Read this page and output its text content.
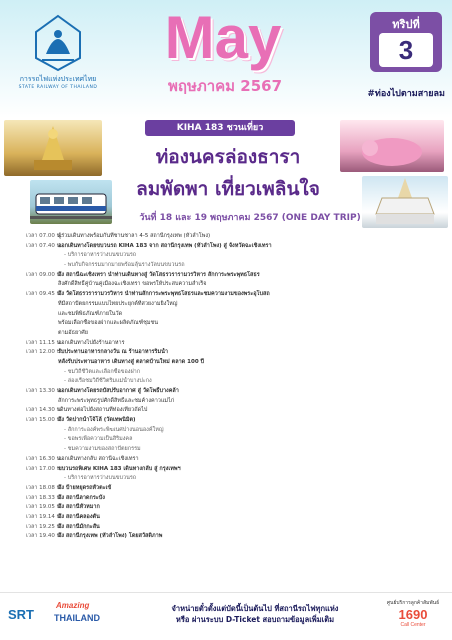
การรถไฟแห่งประเทศไทย
STATE RAILWAY OF THAILAND
May
พฤษภาคม 2567
ทริปที่
3
#ท่องไปตามสายลม
KIHA 183 ชวนเที่ยว
ท่องนครล่องธารา
ลมพัดพา เที่ยวเพลินใจ
วันที่ 18 และ 19 พฤษภาคม 2567 (ONE DAY TRIP)
เวลา 07.00 น.
ผู้ร่วมเดินทางพร้อมกันที่ชานชาลา 4-5 สถานีกรุงเทพ (หัวลำโพง)
เวลา 07.40 น.
ออกเดินทางโดยขบวนรถ KIHA 183 จาก สถานีกรุงเทพ (หัวลำโพง) สู่ จังหวัดฉะเชิงเทรา
- บริการอาหารว่างบนขบวนรถ
- พบกับกิจกรรมมากมายพร้อมลุ้นรางวัลบนขบวนรถ
เวลา 09.00 น.
ถึง สถานีฉะเชิงเทรา นำท่านเดินทางสู่ วัดโสธรวรารามวรวิหาร สักการะพระพุทธโสธร
สิ่งศักดิ์สิทธิ์คู่บ้านคู่เมืองฉะเชิงเทรา ขอพรให้ประสบความสำเร็จ
เวลา 09.45 น.
ถึง วัดโสธรวรารามวรวิหาร นำท่านสักการะพระพุทธโสธรและชมความงามของพระอุโบสถ
ที่มีสถาปัตยกรรมแบบไทยประยุกต์ที่สวยงามยิ่งใหญ่
และชมพิพิธภัณฑ์ภายในวัด
พร้อมเลือกซื้อของฝากและผลิตภัณฑ์ชุมชน
ตามอัธยาศัย
เวลา 11.15 น.
ออกเดินทางไปยังร้านอาหาร
เวลา 12.00 น.
รับประทานอาหารกลางวัน ณ ร้านอาหารริมน้ำ
หลังรับประทานอาหาร เดินทางสู่ ตลาดบ้านใหม่ ตลาด 100 ปี
- ชมวิถีชีวิตและเลือกซื้อของฝาก
- ล่องเรือชมวิถีชีวิตริมแม่น้ำบางปะกง
เวลา 13.30 น.
ออกเดินทางโดยรถบัสปรับอากาศ สู่ วัดโพธิ์บางคล้า
สักการะพระพุทธรูปศักดิ์สิทธิ์และชมค้างคาวแม่ไก่
เวลา 14.30 น.
เดินทางต่อไปยังสถานที่ท่องเที่ยวถัดไป
เวลา 15.00 น.
ถึง วัดปากน้ำโจ้โล้ (วัดเทพนิมิต)
- สักการะองค์พระพิฆเนศปางนอนองค์ใหญ่
- ขอพรเพื่อความเป็นสิริมงคล
- ชมความงามของสถาปัตยกรรม
เวลา 16.30 น.
ออกเดินทางกลับ สถานีฉะเชิงเทรา
เวลา 17.00 น.
ขบวนรถพิเศษ KIHA 183 เดินทางกลับ สู่ กรุงเทพฯ
- บริการอาหารว่างบนขบวนรถ
เวลา 18.08 น.
ถึง ป้ายหยุดรถหัวตะเข้
เวลา 18.33 น.
ถึง สถานีลาดกระบัง
เวลา 19.05 น.
ถึง สถานีหัวหมาก
เวลา 19.14 น.
ถึง สถานีคลองตัน
เวลา 19.25 น.
ถึง สถานีมักกะสัน
เวลา 19.40 น.
ถึง สถานีกรุงเทพ (หัวลำโพง) โดยสวัสดิภาพ
SRT
Amazing
THAILAND
จำหน่ายตั๋วตั้งแต่บัดนี้เป็นต้นไป ที่สถานีรถไฟทุกแห่ง
หรือ ผ่านระบบ D-Ticket สอบถามข้อมูลเพิ่มเติม
ศูนย์บริการลูกค้าสัมพันธ์
1690
Call Center
